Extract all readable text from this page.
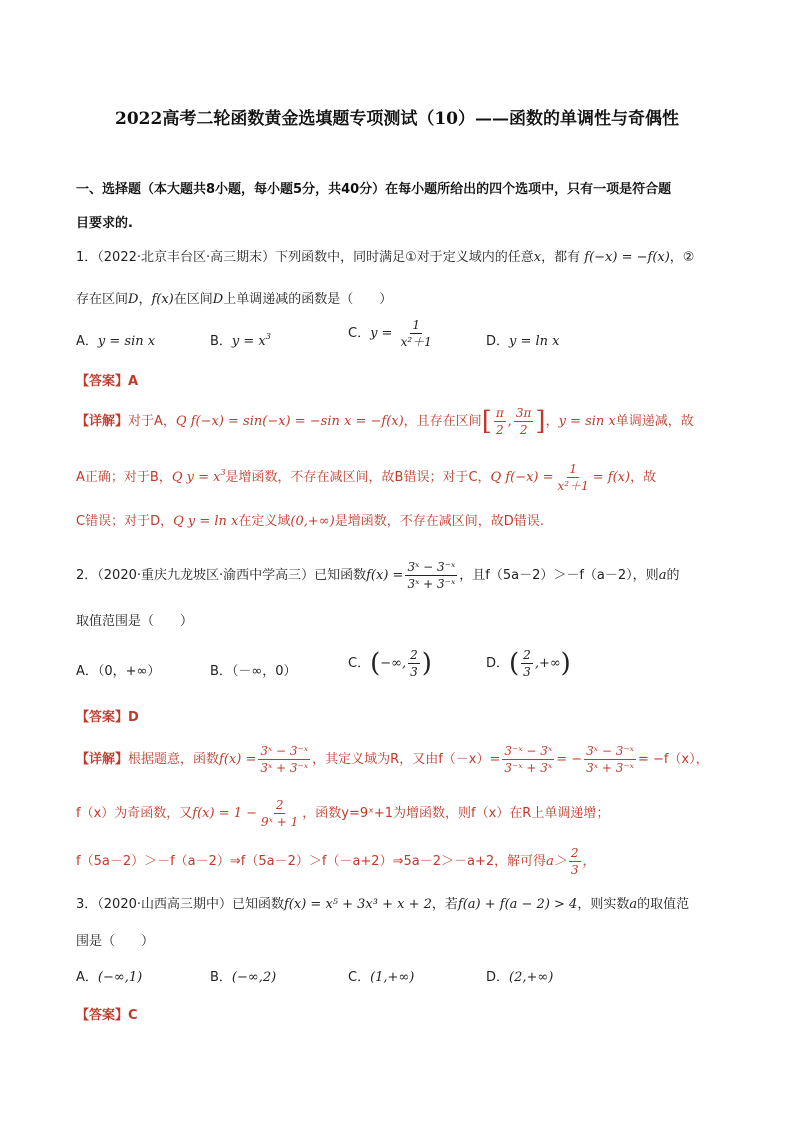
2022高考二轮函数黄金选填题专项测试（10）——函数的单调性与奇偶性
一、选择题（本大题共8小题，每小题5分，共40分）在每小题所给出的四个选项中，只有一项是符合题
目要求的.
1．（2022·北京丰台区·高三期末）下列函数中，同时满足①对于定义域内的任意x，都有 f(−x) = −f(x)，②
存在区间D，f(x)在区间D上单调递减的函数是（　　）
A．y = sin x	B．$y = x^3$	C．$y = \frac{1}{\text{x²＋1}}$	D．y = ln x
【答案】A
【详解】对于A，Q f(−x) = sin(−x) = −sin x = −f(x)，且存在区间[ $\frac{\pi}{2}$ , $\frac{3\pi}{2}$ ]，y = sin x单调递减，故
A正确；对于B，Q $y = x^3$是增函数，不存在减区间，故B错误；对于C，Q $f(-x) = \frac{1}{\text{x²＋1}} = f(x)$，故
C错误；对于D，Q y = ln x在定义域(0,+∞)是增函数，不存在减区间，故D错误.
2．（2020·重庆九龙坡区·渝西中学高三）已知函数$f(x) = \frac{\text{3ˣ − 3⁻ˣ}}{\text{3ˣ + 3⁻ˣ}}$ ，且f（5a－2）＞－f（a－2），则a的
取值范围是（　　）
A．（0，+∞）	B．（－∞，0）
C．(−∞, $\frac{2}{3}$ )	D．( $\frac{2}{3}$ ,+∞)
【答案】D
【详解】根据题意，函数$f(x) = \frac{\text{3ˣ − 3⁻ˣ}}{\text{3ˣ + 3⁻ˣ}}$ ，其定义域为R，又由$f(-x)= \frac{\text{3⁻ˣ − 3ˣ}}{\text{3⁻ˣ + 3ˣ}}$ = − $\frac{\text{3ˣ − 3⁻ˣ}}{\text{3ˣ + 3⁻ˣ}} = -f(x)$，
f（x）为奇函数，又$f(x) = 1 - \frac{2}{\text{9ˣ + 1}}$ ，函数y=9ˣ+1为增函数，则f（x）在R上单调递增；
f（5a－2）＞－f（a－2）⇒f（5a－2）＞f（－a+2）⇒5a－2＞－a+2，解可得$a> \frac{2}{3}$ ，
3．（2020·山西高三期中）已知函数f(x) = x⁵ + 3x³ + x + 2，若f(a) + f(a − 2) > 4，则实数a的取值范
围是（　　）
A．(−∞,1)	B．(−∞,2)	C．(1,+∞)	D．(2,+∞)
【答案】C
